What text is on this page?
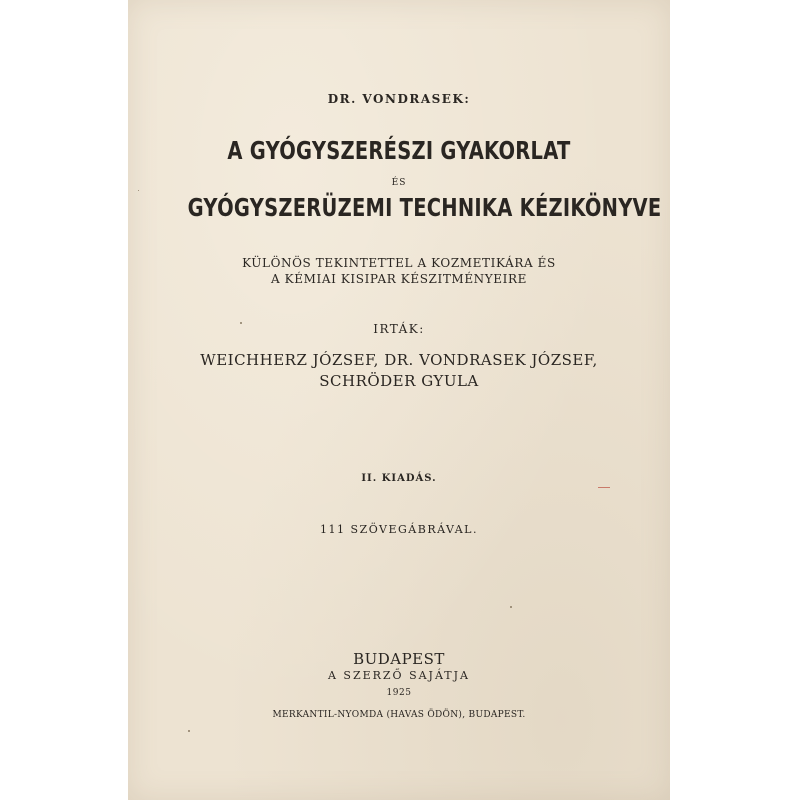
DR. VONDRASEK:

A GYÓGYSZERÉSZI GYAKORLAT

ÉS

GYÓGYSZERÜZEMI TECHNIKA KÉZIKÖNYVE

KÜLÖNÖS TEKINTETTEL A KOZMETIKÁRA ÉS

A KÉMIAI KISIPAR KÉSZITMÉNYEIRE

IRTÁK:

WEICHHERZ JÓZSEF, DR. VONDRASEK JÓZSEF,

SCHRÖDER GYULA

II. KIADÁS.

111 SZÖVEGÁBRÁVAL.

BUDAPEST

A SZERZŐ SAJÁTJA

1925

MERKANTIL-NYOMDA (HAVAS ÖDÖN), BUDAPEST.
